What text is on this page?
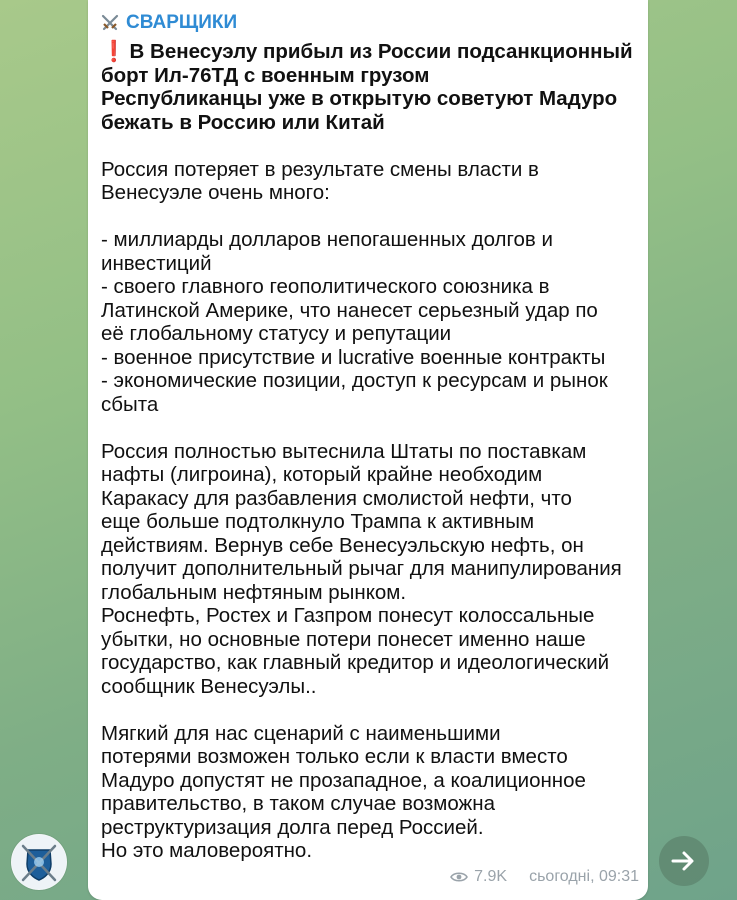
СВАРЩИКИ

❗ В Венесуэлу прибыл из России подсанкционный
борт Ил-76ТД с военным грузом
Республиканцы уже в открытую советуют Мадуро
бежать в Россию или Китай

Россия потеряет в результате смены власти в
Венесуэле очень много:

- миллиарды долларов непогашенных долгов и
инвестиций
- своего главного геополитического союзника в
Латинской Америке, что нанесет серьезный удар по
её глобальному статусу и репутации
- военное присутствие и lucrative военные контракты
- экономические позиции, доступ к ресурсам и рынок
сбыта

Россия полностью вытеснила Штаты по поставкам
нафты (лигроина), который крайне необходим
Каракасу для разбавления смолистой нефти, что
еще больше подтолкнуло Трампа к активным
действиям. Вернув себе Венесуэльскую нефть, он
получит дополнительный рычаг для манипулирования
глобальным нефтяным рынком.
Роснефть, Ростех и Газпром понесут колоссальные
убытки, но основные потери понесет именно наше
государство, как главный кредитор и идеологический
сообщник Венесуэлы..

Мягкий для нас сценарий с наименьшими
потерями возможен только если к власти вместо
Мадуро допустят не прозападное, а коалиционное
правительство, в таком случае возможна
реструктуризация долга перед Россией.
Но это маловероятно.

7.9K сьогодні, 09:31
